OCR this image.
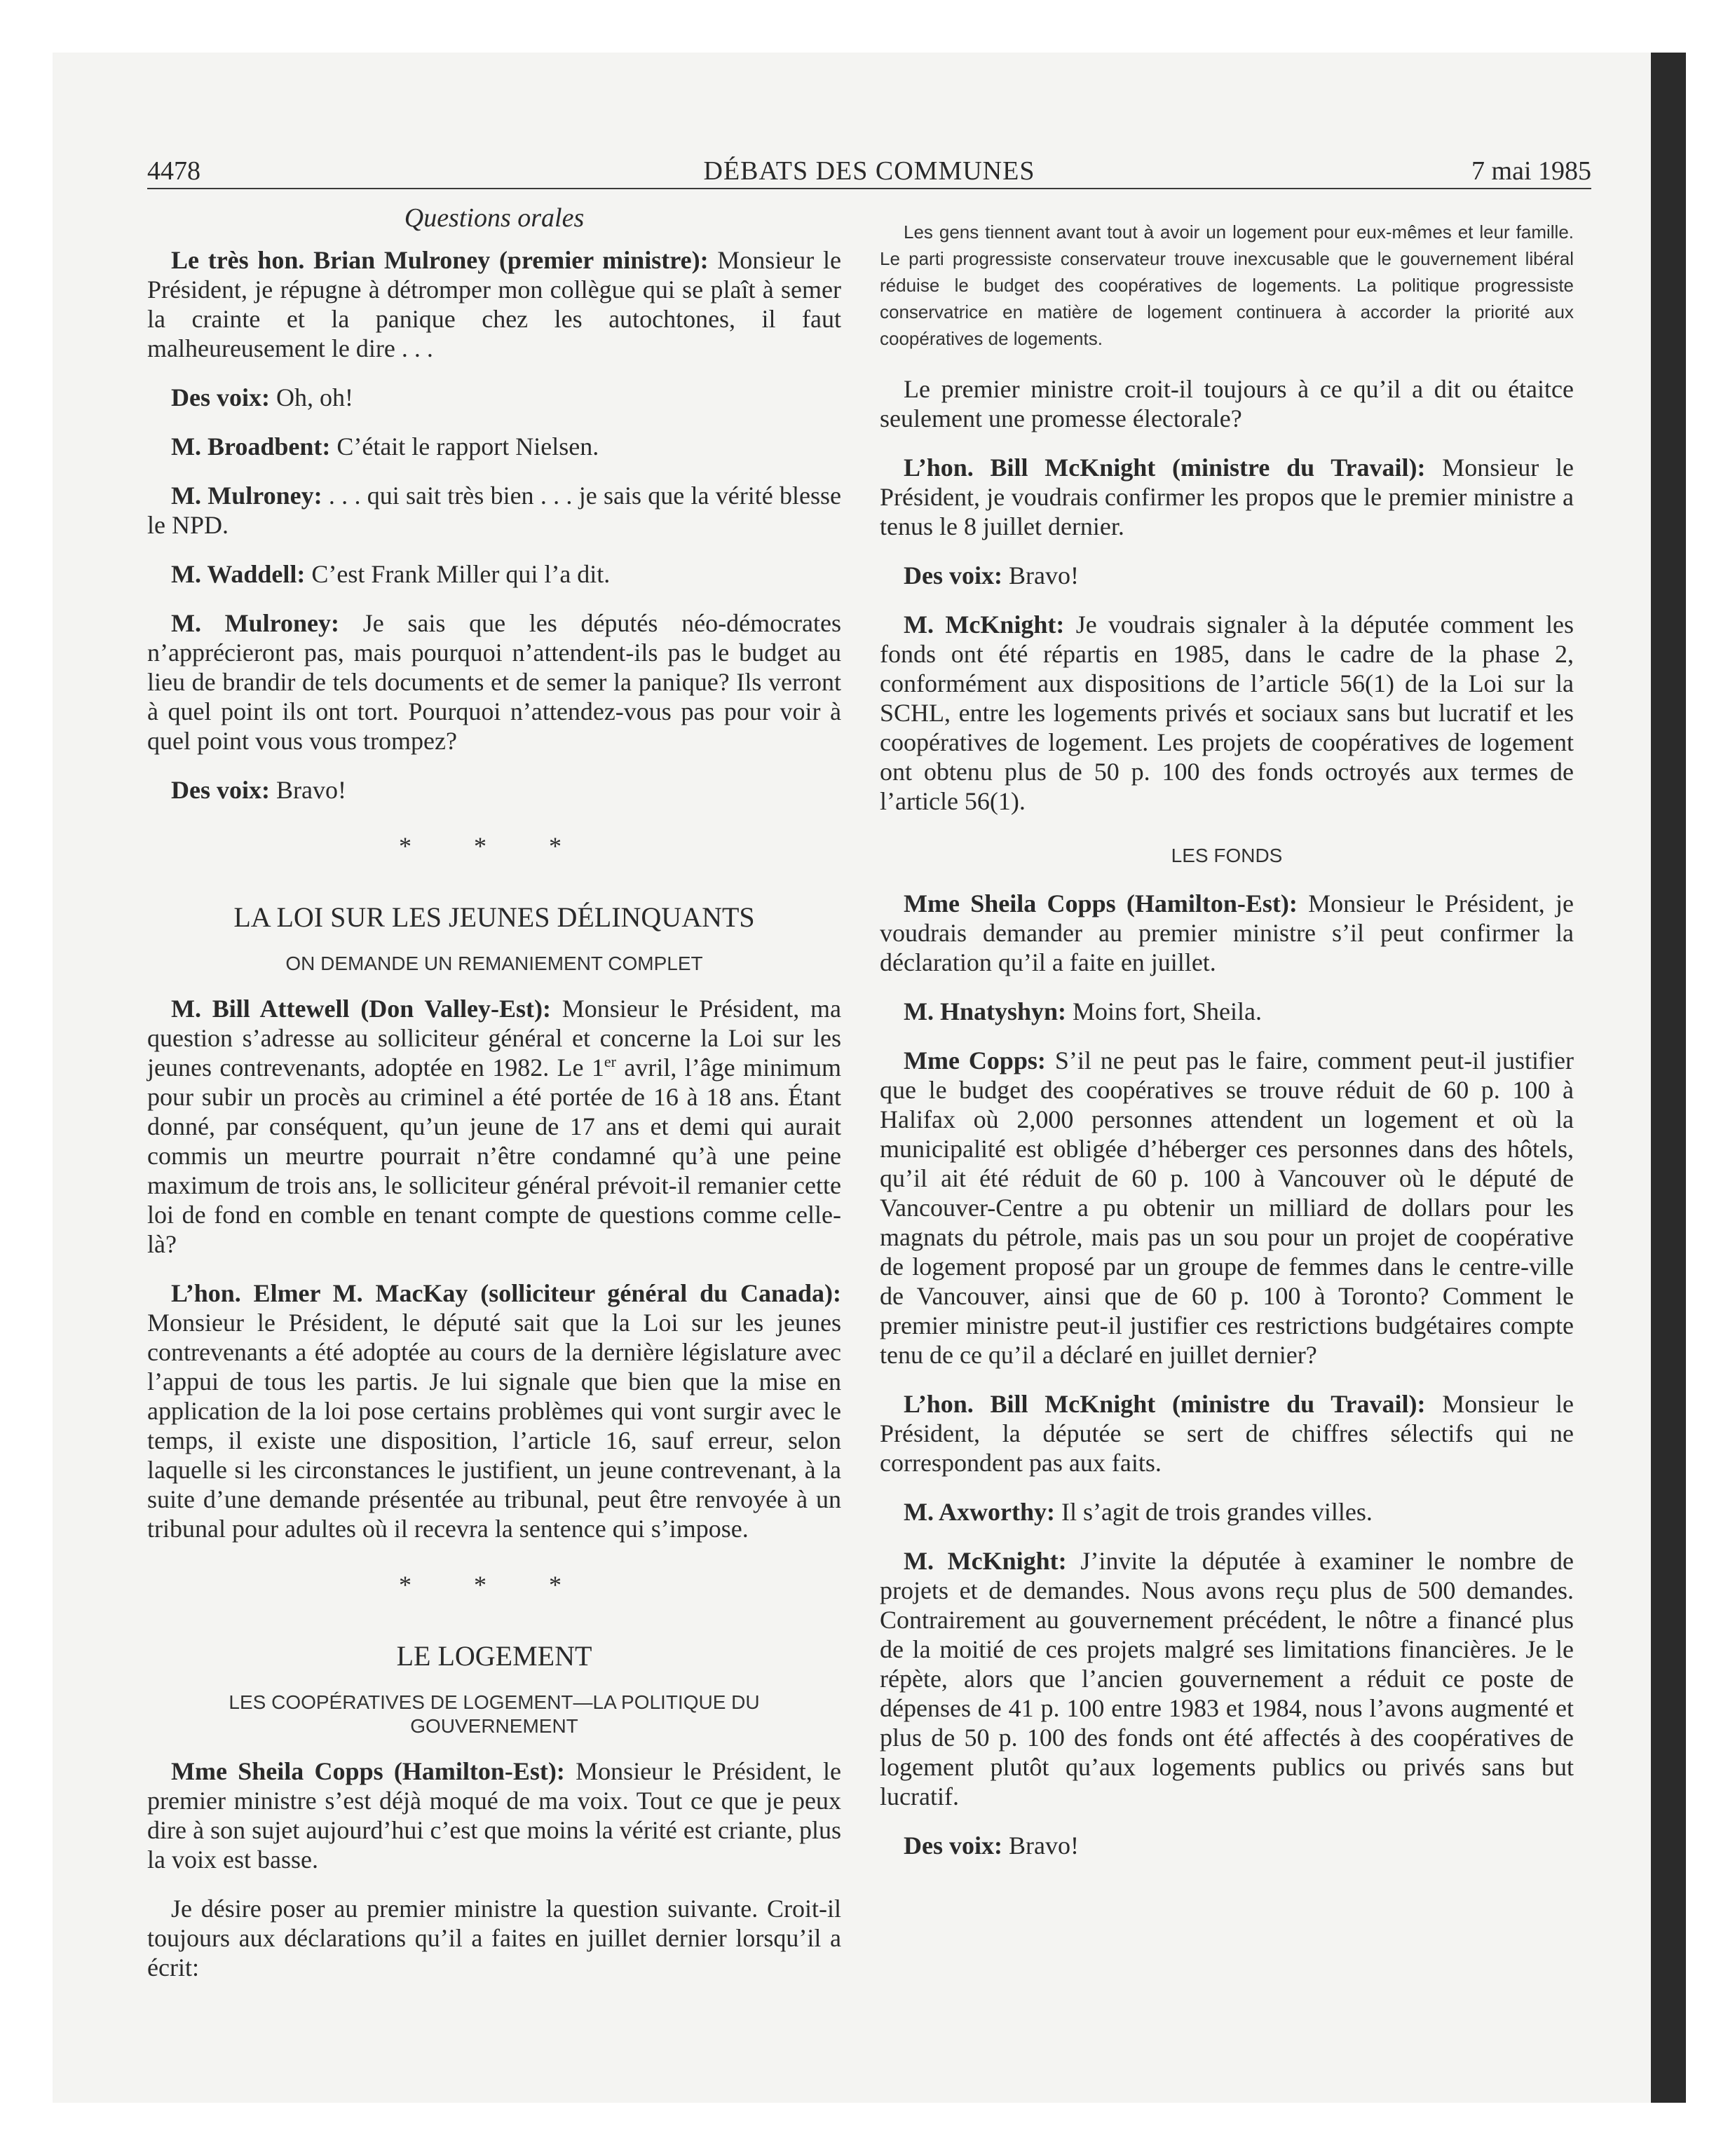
4478	DÉBATS DES COMMUNES	7 mai 1985
Questions orales

Le très hon. Brian Mulroney (premier ministre): Monsieur le Président, je répugne à détromper mon collègue qui se plaît à semer la crainte et la panique chez les autochtones, il faut malheureusement le dire . . .

Des voix: Oh, oh!

M. Broadbent: C’était le rapport Nielsen.

M. Mulroney: . . . qui sait très bien . . . je sais que la vérité blesse le NPD.

M. Waddell: C’est Frank Miller qui l’a dit.

M. Mulroney: Je sais que les députés néo-démocrates n’apprécieront pas, mais pourquoi n’attendent-ils pas le budget au lieu de brandir de tels documents et de semer la panique? Ils verront à quel point ils ont tort. Pourquoi n’attendez-vous pas pour voir à quel point vous vous trompez?

Des voix: Bravo!

* * *
LA LOI SUR LES JEUNES DÉLINQUANTS
ON DEMANDE UN REMANIEMENT COMPLET

M. Bill Attewell (Don Valley-Est): Monsieur le Président, ma question s’adresse au solliciteur général et concerne la Loi sur les jeunes contrevenants, adoptée en 1982. Le 1er avril, l’âge minimum pour subir un procès au criminel a été portée de 16 à 18 ans. Étant donné, par conséquent, qu’un jeune de 17 ans et demi qui aurait commis un meurtre pourrait n’être condamné qu’à une peine maximum de trois ans, le solliciteur général prévoit-il remanier cette loi de fond en comble en tenant compte de questions comme celle-là?

L’hon. Elmer M. MacKay (solliciteur général du Canada): Monsieur le Président, le député sait que la Loi sur les jeunes contrevenants a été adoptée au cours de la dernière législature avec l’appui de tous les partis. Je lui signale que bien que la mise en application de la loi pose certains problèmes qui vont surgir avec le temps, il existe une disposition, l’article 16, sauf erreur, selon laquelle si les circonstances le justifient, un jeune contrevenant, à la suite d’une demande présentée au tribunal, peut être renvoyée à un tribunal pour adultes où il recevra la sentence qui s’impose.

* * *
LE LOGEMENT
LES COOPÉRATIVES DE LOGEMENT—LA POLITIQUE DU GOUVERNEMENT

Mme Sheila Copps (Hamilton-Est): Monsieur le Président, le premier ministre s’est déjà moqué de ma voix. Tout ce que je peux dire à son sujet aujourd’hui c’est que moins la vérité est criante, plus la voix est basse.

Je désire poser au premier ministre la question suivante. Croit-il toujours aux déclarations qu’il a faites en juillet dernier lorsqu’il a écrit:

Les gens tiennent avant tout à avoir un logement pour eux-mêmes et leur famille. Le parti progressiste conservateur trouve inexcusable que le gouvernement libéral réduise le budget des coopératives de logements. La politique progressiste conservatrice en matière de logement continuera à accorder la priorité aux coopératives de logements.

Le premier ministre croit-il toujours à ce qu’il a dit ou étaitce seulement une promesse électorale?

L’hon. Bill McKnight (ministre du Travail): Monsieur le Président, je voudrais confirmer les propos que le premier ministre a tenus le 8 juillet dernier.

Des voix: Bravo!

M. McKnight: Je voudrais signaler à la députée comment les fonds ont été répartis en 1985, dans le cadre de la phase 2, conformément aux dispositions de l’article 56(1) de la Loi sur la SCHL, entre les logements privés et sociaux sans but lucratif et les coopératives de logement. Les projets de coopératives de logement ont obtenu plus de 50 p. 100 des fonds octroyés aux termes de l’article 56(1).

LES FONDS

Mme Sheila Copps (Hamilton-Est): Monsieur le Président, je voudrais demander au premier ministre s’il peut confirmer la déclaration qu’il a faite en juillet.

M. Hnatyshyn: Moins fort, Sheila.

Mme Copps: S’il ne peut pas le faire, comment peut-il justifier que le budget des coopératives se trouve réduit de 60 p. 100 à Halifax où 2,000 personnes attendent un logement et où la municipalité est obligée d’héberger ces personnes dans des hôtels, qu’il ait été réduit de 60 p. 100 à Vancouver où le député de Vancouver-Centre a pu obtenir un milliard de dollars pour les magnats du pétrole, mais pas un sou pour un projet de coopérative de logement proposé par un groupe de femmes dans le centre-ville de Vancouver, ainsi que de 60 p. 100 à Toronto? Comment le premier ministre peut-il justifier ces restrictions budgétaires compte tenu de ce qu’il a déclaré en juillet dernier?

L’hon. Bill McKnight (ministre du Travail): Monsieur le Président, la députée se sert de chiffres sélectifs qui ne correspondent pas aux faits.

M. Axworthy: Il s’agit de trois grandes villes.

M. McKnight: J’invite la députée à examiner le nombre de projets et de demandes. Nous avons reçu plus de 500 demandes. Contrairement au gouvernement précédent, le nôtre a financé plus de la moitié de ces projets malgré ses limitations financières. Je le répète, alors que l’ancien gouvernement a réduit ce poste de dépenses de 41 p. 100 entre 1983 et 1984, nous l’avons augmenté et plus de 50 p. 100 des fonds ont été affectés à des coopératives de logement plutôt qu’aux logements publics ou privés sans but lucratif.

Des voix: Bravo!
